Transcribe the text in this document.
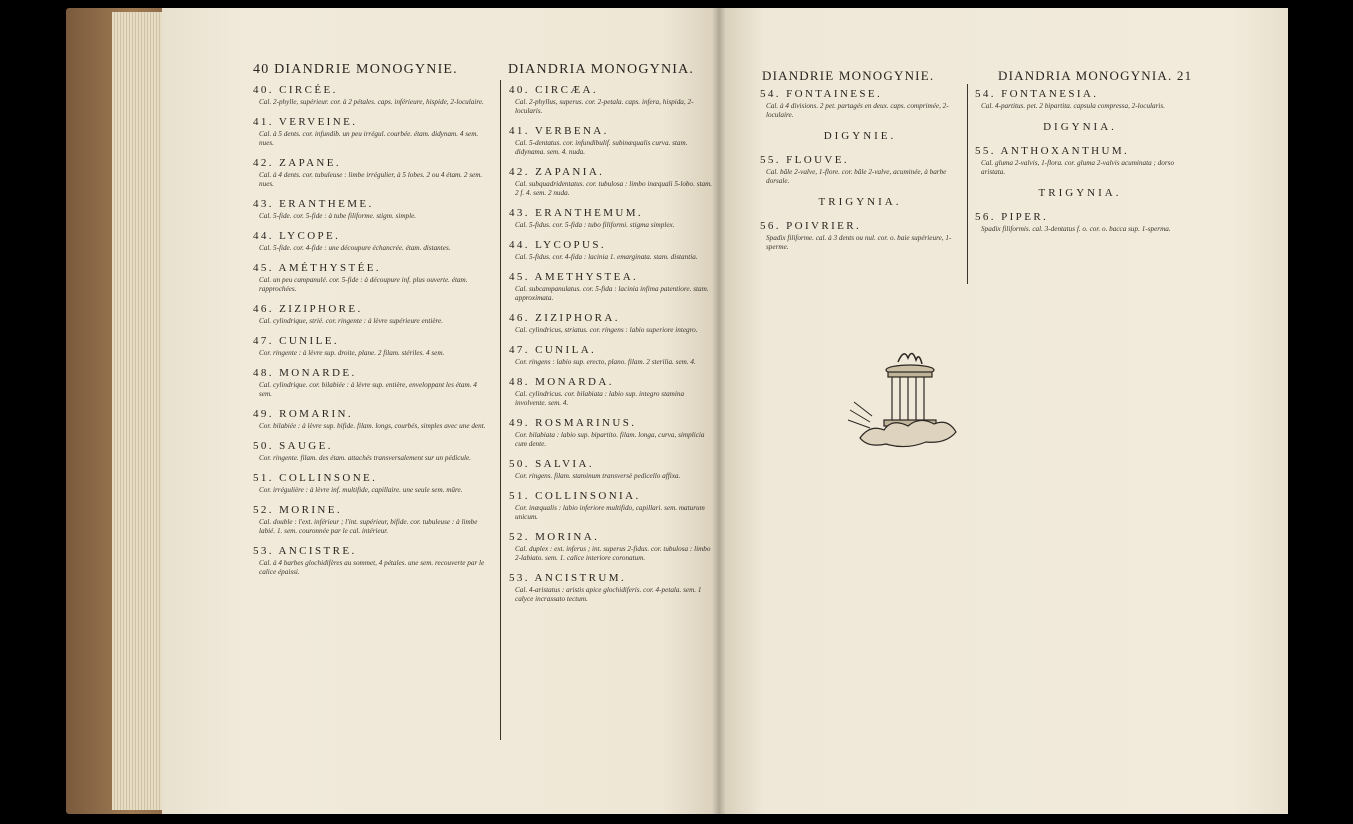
40 DIANDRIE MONOGYNIE.	DIANDRIA MONOGYNIA.
40. CIRCÉE.
Cal. 2-phylle, supérieur. cor. à 2 pétales. caps. inférieure, hispide, 2-loculaire.
41. VERVEINE.
Cal. à 5 dents. cor. infundib. un peu irrégul. courbée. étam. didynam. 4 sem. nues.
42. ZAPANE.
Cal. à 4 dents. cor. tubuleuse : limbe irrégulier, à 5 lobes. 2 ou 4 étam. 2 sem. nues.
43. ERANTHEME.
Cal. 5-fide. cor. 5-fide : à tube filiforme. stigm. simple.
44. LYCOPE.
Cal. 5-fide. cor. 4-fide : une découpure échancrée. étam. distantes.
45. AMÉTHYSTÉE.
Cal. un peu campanulé. cor. 5-fide : à découpure inf. plus ouverte. étam. rapprochées.
46. ZIZIPHORE.
Cal. cylindrique, strié. cor. ringente : à lèvre supérieure entière.
47. CUNILE.
Cor. ringente : à lèvre sup. droite, plane. 2 filam. stériles. 4 sem.
48. MONARDE.
Cal. cylindrique. cor. bilabiée : à lèvre sup. entière, enveloppant les étam. 4 sem.
49. ROMARIN.
Cor. bilabiée : à lèvre sup. bifide. filam. longs, courbés, simples avec une dent.
50. SAUGE.
Cor. ringente. filam. des étam. attachés transversalement sur un pédicule.
51. COLLINSONE.
Cor. irrégulière : à lèvre inf. multifide, capillaire. une seule sem. mûre.
52. MORINE.
Cal. double : l'ext. inférieur ; l'int. supérieur, bifide. cor. tubuleuse : à limbe labié. 1. sem. couronnée par le cal. intérieur.
53. ANCISTRE.
Cal. à 4 barbes glochidifères au sommet, 4 pétales. une sem. recouverte par le calice épaissi.
40. CIRCÆA.
Cal. 2-phyllus, superus. cor. 2-petala. caps. infera, hispida, 2-locularis.
41. VERBENA.
Cal. 5-dentatus. cor. infundibulif. subinæqualis curva. stam. didynama. sem. 4. nuda.
42. ZAPANIA.
Cal. subquadridentatus. cor. tubulosa : limbo inæquali 5-lobo. stam. 2 f. 4. sem. 2 nuda.
43. ERANTHEMUM.
Cal. 5-fidus. cor. 5-fida : tubo filiformi. stigma simplex.
44. LYCOPUS.
Cal. 5-fidus. cor. 4-fida : lacinia 1. emarginata. stam. distantia.
45. AMETHYSTEA.
Cal. subcampanulatus. cor. 5-fida : lacinia infima patentiore. stam. approximata.
46. ZIZIPHORA.
Cal. cylindricus, striatus. cor. ringens : labio superiore integro.
47. CUNILA.
Cor. ringens : labio sup. erecto, plano. filam. 2 sterilia. sem. 4.
48. MONARDA.
Cal. cylindricus. cor. bilabiata : labio sup. integro stamina involvente. sem. 4.
49. ROSMARINUS.
Cor. bilabiata : labio sup. bipartito. filam. longa, curva, simplicia cum dente.
50. SALVIA.
Cor. ringens. filam. staminum transversè pedicello affixa.
51. COLLINSONIA.
Cor. inæqualis : labio inferiore multifido, capillari. sem. maturum unicum.
52. MORINA.
Cal. duplex : ext. inferus ; int. superus 2-fidus. cor. tubulosa : limbo 2-labiato. sem. 1. calice interiore coronatum.
53. ANCISTRUM.
Cal. 4-aristatus : aristis apice glochidiferis. cor. 4-petala. sem. 1 calyce incrassato tectum.
DIANDRIE MONOGYNIE.	DIANDRIA MONOGYNIA. 21
54. FONTAINESE.
Cal. à 4 divisions. 2 pet. partagés en deux. caps. comprimée, 2-loculaire.
DIGYNIE.
55. FLOUVE.
Cal. bâle 2-valve, 1-flore. cor. bâle 2-valve, acuminée, à barbe dorsale.
TRIGYNIA.
56. POIVRIER.
Spadix filiforme. cal. à 3 dents ou nul. cor. o. baie supérieure, 1-sperme.
54. FONTANESIA.
Cal. 4-partitus. pet. 2 bipartita. capsula compressa, 2-locularis.
DIGYNIA.
55. ANTHOXANTHUM.
Cal. gluma 2-valvis, 1-flora. cor. gluma 2-valvis acuminata ; dorso aristata.
TRIGYNIA.
56. PIPER.
Spadix filiformis. cal. 3-dentatus f. o. cor. o. bacca sup. 1-sperma.
